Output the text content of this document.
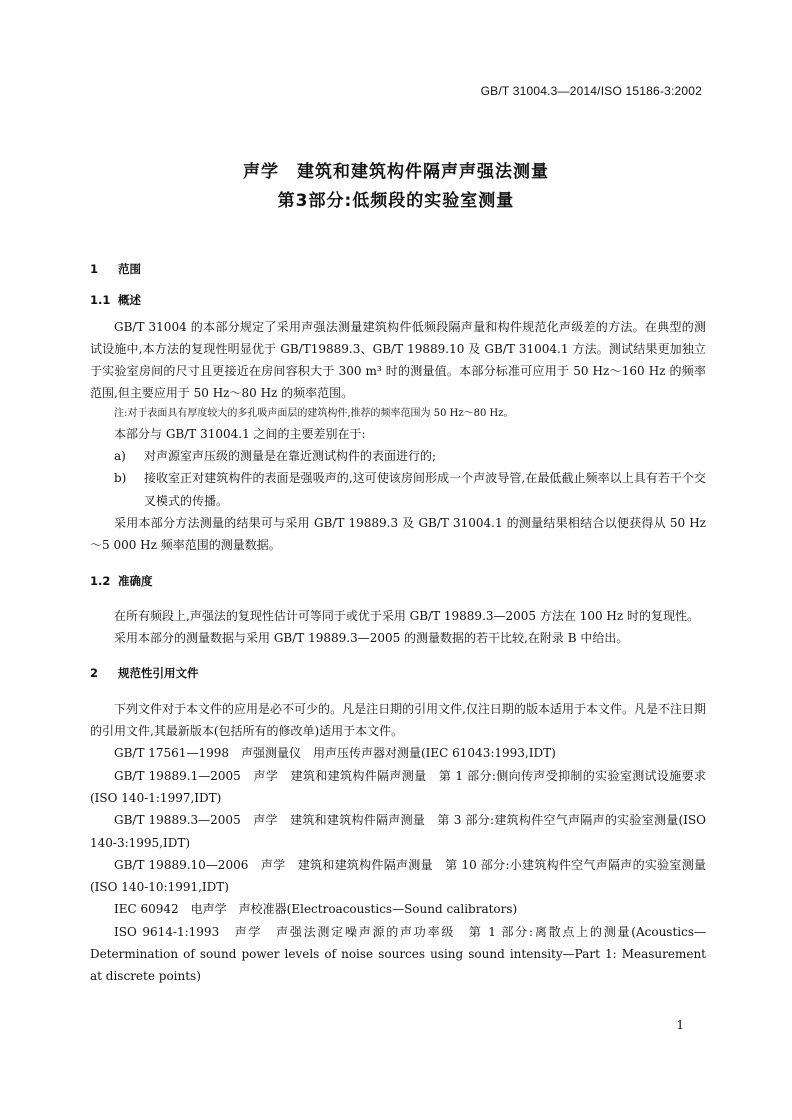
GB/T 31004.3—2014/ISO 15186-3:2002
声学　建筑和建筑构件隔声声强法测量
第3部分:低频段的实验室测量
1 范围
1.1 概述

GB/T 31004 的本部分规定了采用声强法测量建筑构件低频段隔声量和构件规范化声级差的方法。在典型的测试设施中,本方法的复现性明显优于 GB/T19889.3、GB/T 19889.10 及 GB/T 31004.1 方法。测试结果更加独立于实验室房间的尺寸且更接近在房间容积大于 300 m³ 时的测量值。本部分标准可应用于 50 Hz～160 Hz 的频率范围,但主要应用于 50 Hz～80 Hz 的频率范围。

注:对于表面具有厚度较大的多孔吸声面层的建筑构件,推荐的频率范围为 50 Hz～80 Hz。

本部分与 GB/T 31004.1 之间的主要差别在于:

a) 对声源室声压级的测量是在靠近测试构件的表面进行的;

b) 接收室正对建筑构件的表面是强吸声的,这可使该房间形成一个声波导管,在最低截止频率以上具有若干个交叉模式的传播。

采用本部分方法测量的结果可与采用 GB/T 19889.3 及 GB/T 31004.1 的测量结果相结合以便获得从 50 Hz～5 000 Hz 频率范围的测量数据。

1.2 准确度

在所有频段上,声强法的复现性估计可等同于或优于采用 GB/T 19889.3—2005 方法在 100 Hz 时的复现性。

采用本部分的测量数据与采用 GB/T 19889.3—2005 的测量数据的若干比较,在附录 B 中给出。

2 规范性引用文件

下列文件对于本文件的应用是必不可少的。凡是注日期的引用文件,仅注日期的版本适用于本文件。凡是不注日期的引用文件,其最新版本(包括所有的修改单)适用于本文件。

GB/T 17561—1998　声强测量仪　用声压传声器对测量(IEC 61043:1993,IDT)

GB/T 19889.1—2005　声学　建筑和建筑构件隔声测量　第 1 部分:侧向传声受抑制的实验室测试设施要求(ISO 140-1:1997,IDT)

GB/T 19889.3—2005　声学　建筑和建筑构件隔声测量　第 3 部分:建筑构件空气声隔声的实验室测量(ISO 140-3:1995,IDT)

GB/T 19889.10—2006　声学　建筑和建筑构件隔声测量　第 10 部分:小建筑构件空气声隔声的实验室测量(ISO 140-10:1991,IDT)

IEC 60942　电声学　声校准器(Electroacoustics—Sound calibrators)

ISO 9614-1:1993　声学　声强法测定噪声源的声功率级　第 1 部分:离散点上的测量(Acoustics—Determination of sound power levels of noise sources using sound intensity—Part 1: Measurement at discrete points)

1
